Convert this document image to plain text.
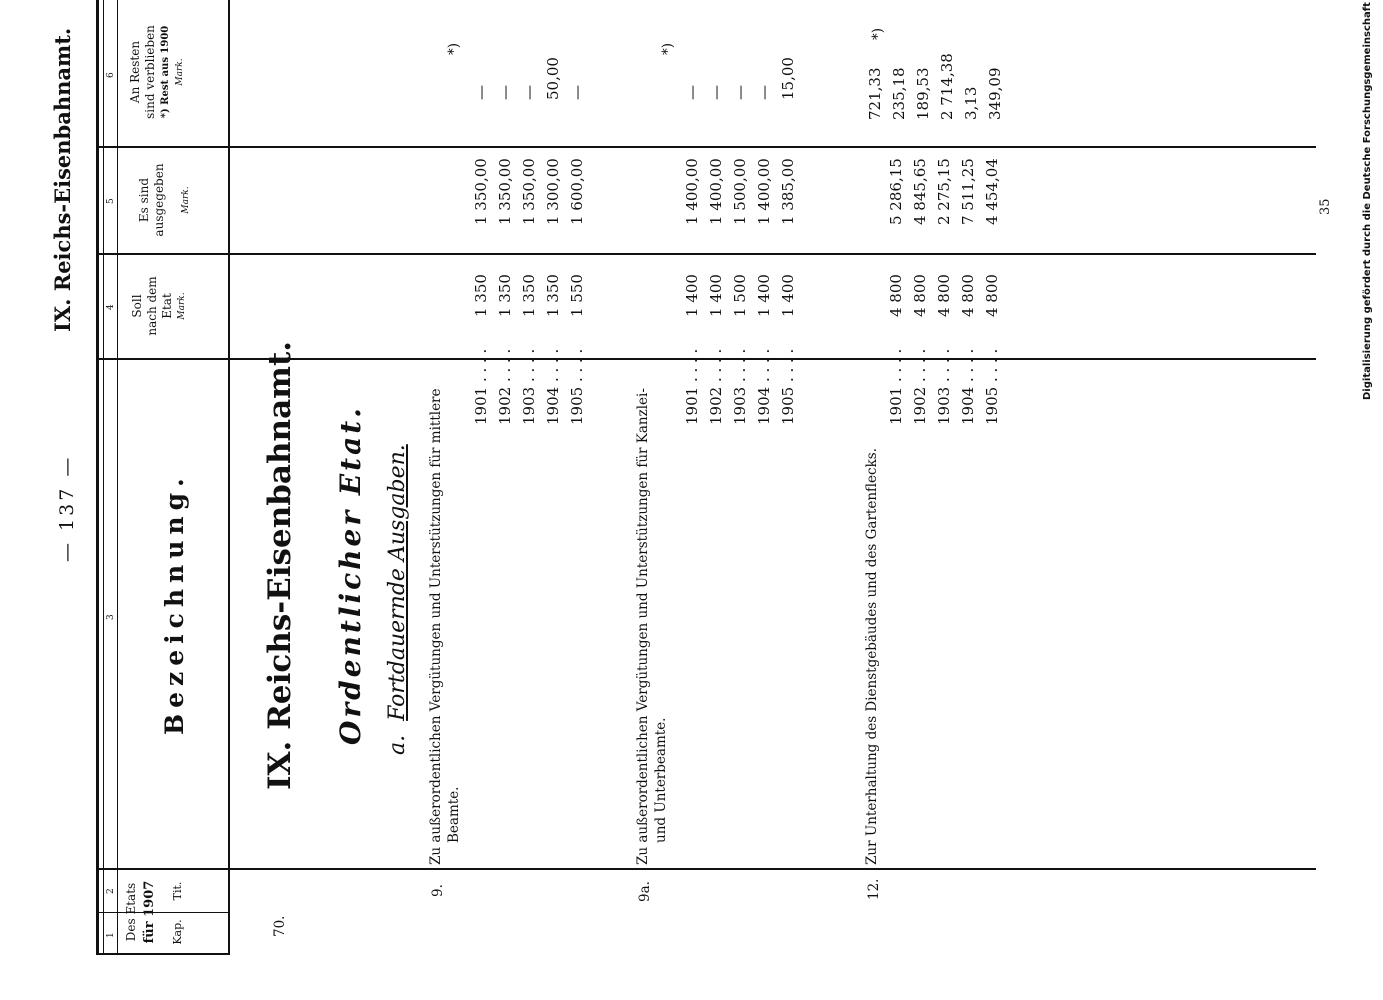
IX. Reichs-Eisenbahnamt.
— 137 —
1
2
3
4
5
6
Des Etats für 1907 Kap.
Tit.
Bezeichnung.
Soll nach dem Etat Mark.
Es sind ausgegeben Mark.
An Resten sind verblieben *) Rest aus 1900 Mark.
70.
IX. Reichs-Eisenbahnamt. Ordentlicher Etat. a.  Fortdauernde Ausgaben.
9.
Zu außerordentlichen Vergütungen und Unterstützungen für mittlere Beamte.
*)
1901 . . . . 1902 . . . . 1903 . . . . 1904 . . . . 1905 . . . .
1 350 1 350 1 350 1 350 1 550
1 350,00 1 350,00 1 350,00 1 300,00 1 600,00
— — — 50,00 —
9a.
Zu außerordentlichen Vergütungen und Unterstützungen für Kanzlei- und Unterbeamte.
*)
1901 . . . . 1902 . . . . 1903 . . . . 1904 . . . . 1905 . . . .
1 400 1 400 1 500 1 400 1 400
1 400,00 1 400,00 1 500,00 1 400,00 1 385,00
— — — — 15,00
12.
Zur Unterhaltung des Dienstgebäudes und des Gartenflecks.
*)
1901 . . . . 1902 . . . . 1903 . . . . 1904 . . . . 1905 . . . .
4 800 4 800 4 800 4 800 4 800
5 286,15 4 845,65 2 275,15 7 511,25 4 454,04
721,33 235,18 189,53 2 714,38 3,13 349,09
35	Digitalisierung gefördert durch die Deutsche Forschungsgemeinschaft
